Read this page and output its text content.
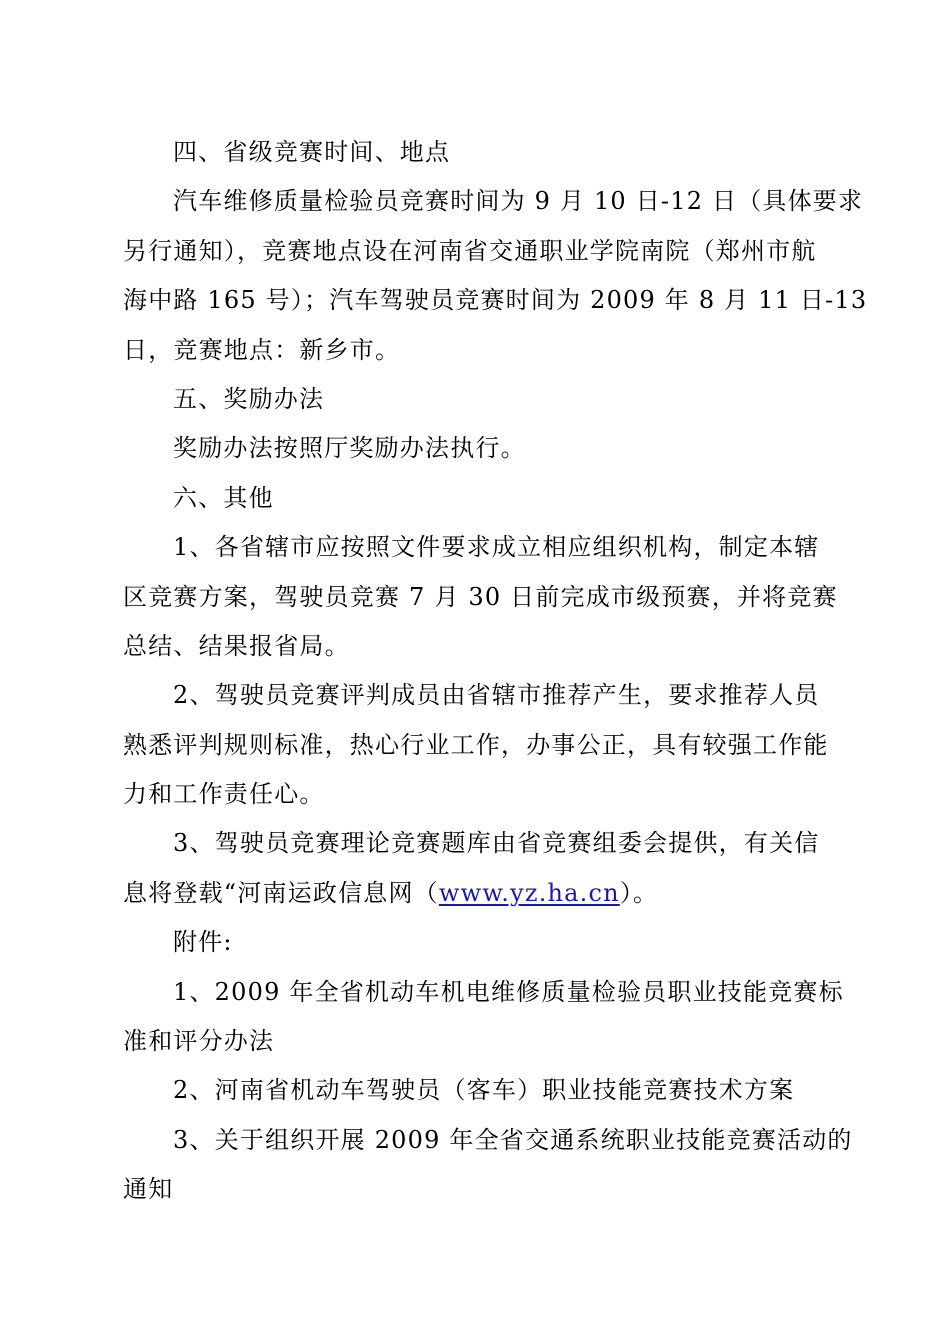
四、省级竞赛时间、地点
汽车维修质量检验员竞赛时间为 9 月 10 日-12 日（具体要求
另行通知），竞赛地点设在河南省交通职业学院南院（郑州市航
海中路 165 号）；汽车驾驶员竞赛时间为 2009 年 8 月 11 日-13
日，竞赛地点：新乡市。
五、奖励办法
奖励办法按照厅奖励办法执行。
六、其他
1、各省辖市应按照文件要求成立相应组织机构，制定本辖
区竞赛方案，驾驶员竞赛 7 月 30 日前完成市级预赛，并将竞赛
总结、结果报省局。
2、驾驶员竞赛评判成员由省辖市推荐产生，要求推荐人员
熟悉评判规则标准，热心行业工作，办事公正，具有较强工作能
力和工作责任心。
3、驾驶员竞赛理论竞赛题库由省竞赛组委会提供，有关信
息将登载“河南运政信息网（www.yz.ha.cn）。
附件:
1、2009 年全省机动车机电维修质量检验员职业技能竞赛标
准和评分办法
2、河南省机动车驾驶员（客车）职业技能竞赛技术方案
3、关于组织开展 2009 年全省交通系统职业技能竞赛活动的
通知
